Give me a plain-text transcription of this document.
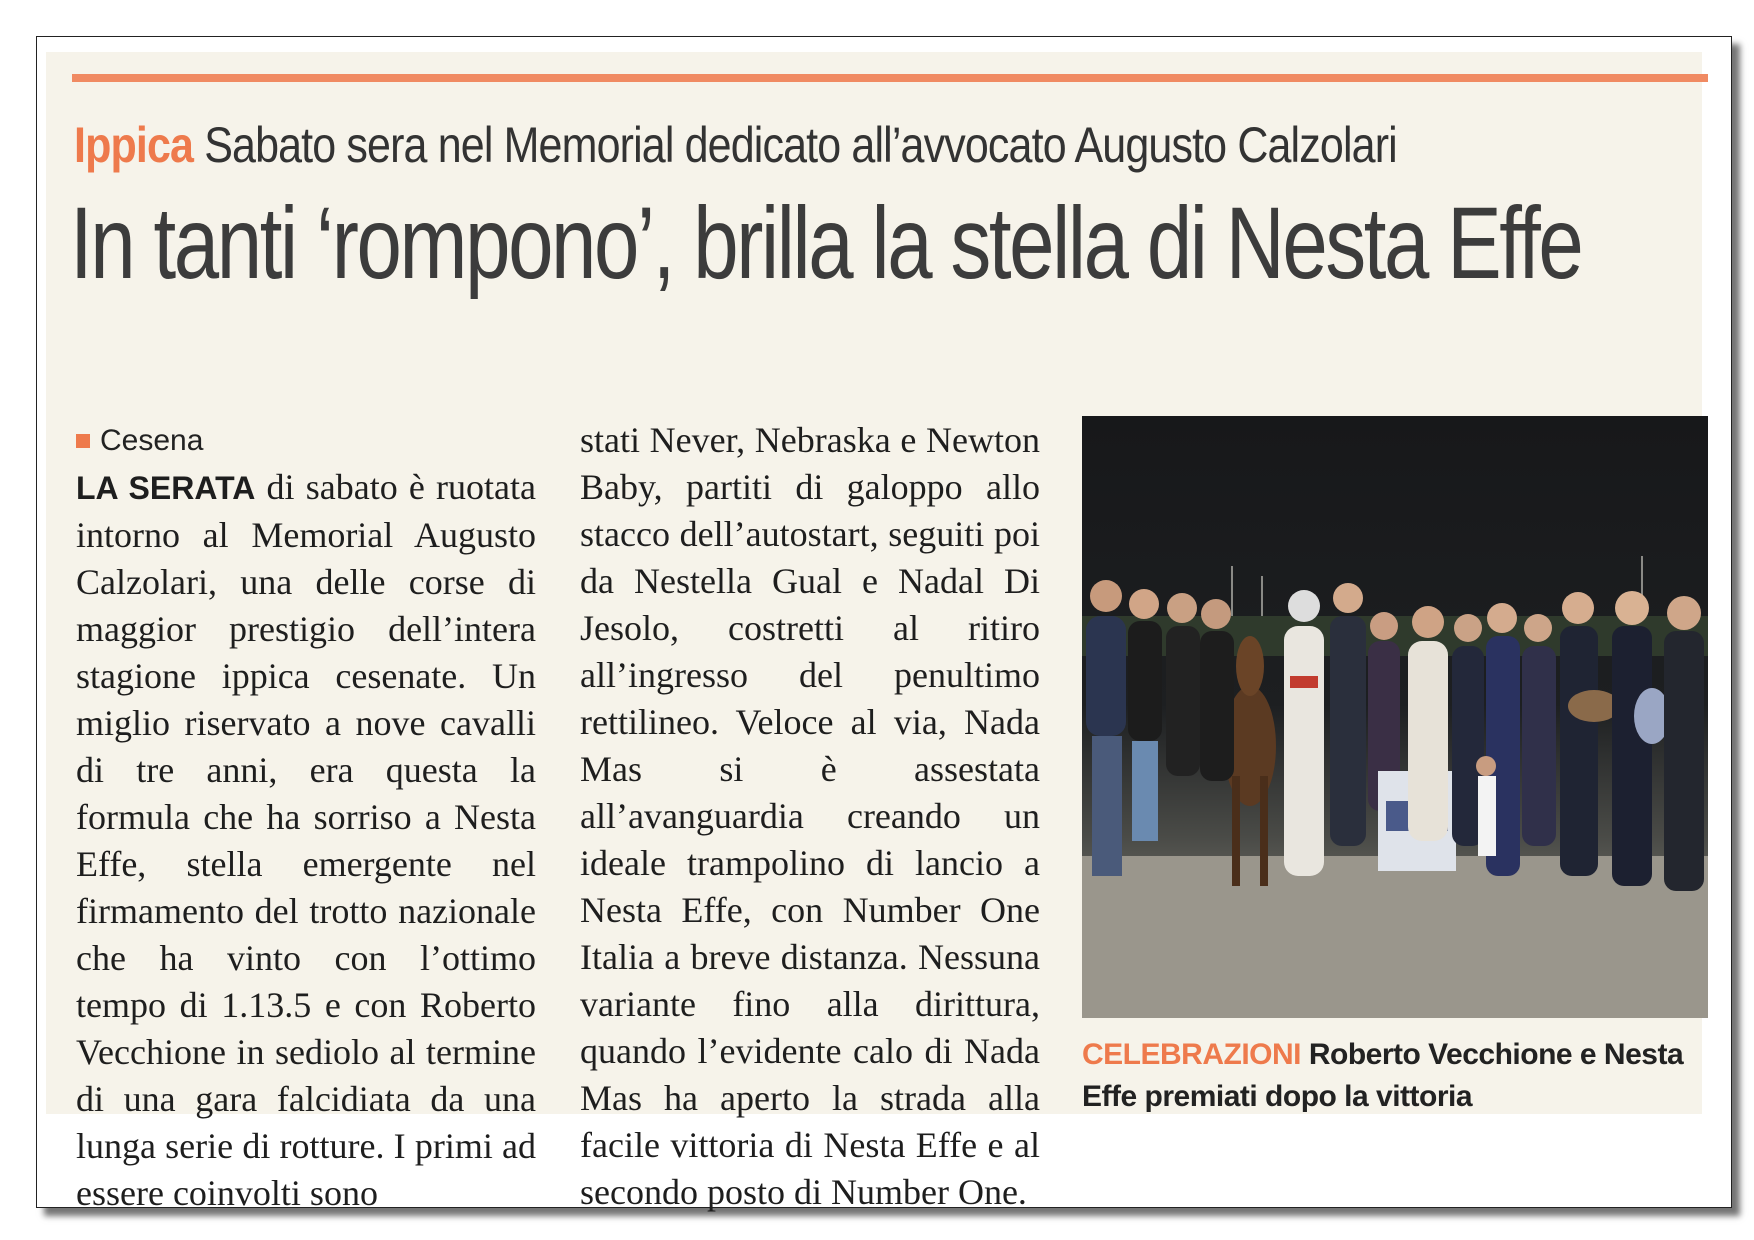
Ippica Sabato sera nel Memorial dedicato all’avvocato Augusto Calzolari
In tanti ‘rompono’, brilla la stella di Nesta Effe
Cesena

LA SERATA di sabato è ruotata intorno al Memorial Augusto Calzolari, una delle corse di maggior prestigio dell’intera stagione ippica cesenate. Un miglio riservato a nove cavalli di tre anni, era questa la formula che ha sorriso a Nesta Effe, stella emergente nel firmamento del trotto nazionale che ha vinto con l’ottimo tempo di 1.13.5 e con Roberto Vecchione in sediolo al termine di una gara falcidiata da una lunga serie di rotture. I primi ad essere coinvolti sono

stati Never, Nebraska e Newton Baby, partiti di galoppo allo stacco dell’autostart, seguiti poi da Nestella Gual e Nadal Di Jesolo, costretti al ritiro all’ingresso del penultimo rettilineo. Veloce al via, Nada Mas si è assestata all’avanguardia creando un ideale trampolino di lancio a Nesta Effe, con Number One Italia a breve distanza. Nessuna variante fino alla dirittura, quando l’evidente calo di Nada Mas ha aperto la strada alla facile vittoria di Nesta Effe e al secondo posto di Number One.

CELEBRAZIONI Roberto Vecchione e Nesta Effe premiati dopo la vittoria
